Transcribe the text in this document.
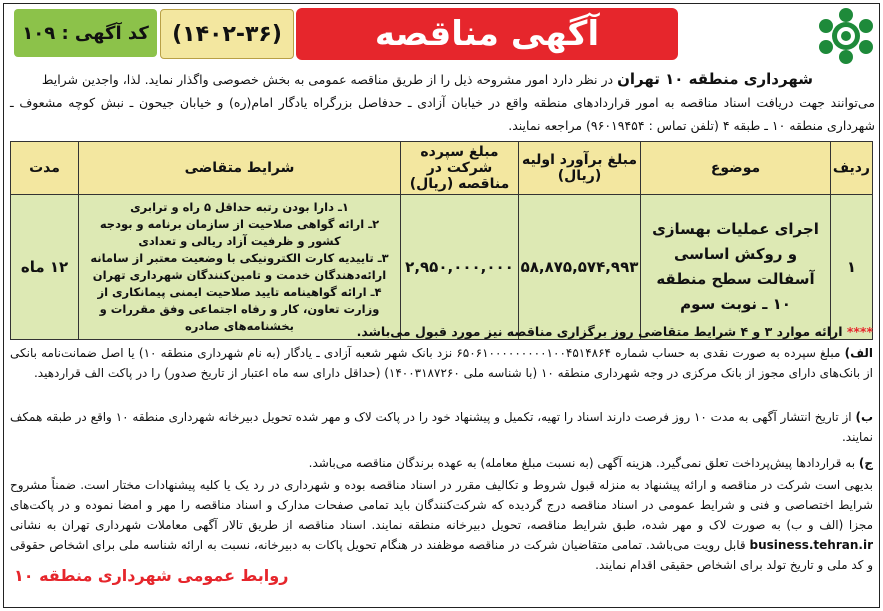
آگهی مناقصه
(۱۴۰۲-۳۶)
کد آگهی : ۱۰۹
شهرداری منطقه ۱۰ تهران در نظر دارد امور مشروحه ذیل را از طریق مناقصه عمومی به بخش خصوصی واگذار نماید. لذا، واجدین شرایط
می‌توانند جهت دریافت اسناد مناقصه به امور قراردادهای منطقه واقع در خیابان آزادی ـ حدفاصل بزرگراه یادگار امام(ره) و خیابان جیحون ـ نبش کوچه مشعوف ـ شهرداری منطقه ۱۰ ـ طبقه ۴ (تلفن تماس : ۹۶۰۱۹۴۵۴) مراجعه نمایند.
ردیف	موضوع	مبلغ برآورد اولیه (ریال)	مبلغ سپرده شرکت در مناقصه (ریال)	شرایط متقاضی	مدت
۱	اجرای عملیات بهسازی و روکش اساسی آسفالت سطح منطقه ۱۰ ـ نوبت سوم	۵۸,۸۷۵,۵۷۴,۹۹۳	۲,۹۵۰,۰۰۰,۰۰۰	۱ـ دارا بودن رتبه حداقل ۵ راه و ترابری
۲ـ ارائه گواهی صلاحیت از سازمان برنامه و بودجه کشور و ظرفیت آزاد ریالی و تعدادی
۳ـ تاییدیه کارت الکترونیکی با وضعیت معتبر از سامانه ارائه‌دهندگان خدمت و تامین‌کنندگان شهرداری تهران
۴ـ ارائه گواهینامه تایید صلاحیت ایمنی پیمانکاری از وزارت تعاون، کار و رفاه اجتماعی وفق مقررات و بخشنامه‌های صادره	۱۲ ماه
**** ارائه موارد ۳ و ۴ شرایط متقاضی روز برگزاری مناقصه نیز مورد قبول می‌باشد.
الف) مبلغ سپرده به صورت نقدی به حساب شماره ۶۵۰۶۱۰۰۰۰۰۰۰۰۰۱۰۰۴۵۱۴۸۶۴ نزد بانک شهر شعبه آزادی ـ یادگار (به نام شهرداری منطقه ۱۰) یا اصل ضمانت‌نامه بانکی از بانک‌های دارای مجوز از بانک مرکزی در وجه شهرداری منطقه ۱۰ (با شناسه ملی ۱۴۰۰۳۱۸۷۲۶۰) (حداقل دارای سه ماه اعتبار از تاریخ صدور) را در پاکت الف قراردهید.
ب) از تاریخ انتشار آگهی به مدت ۱۰ روز فرصت دارند اسناد را تهیه، تکمیل و پیشنهاد خود را در پاکت لاک و مهر شده تحویل دبیرخانه شهرداری منطقه ۱۰ واقع در طبقه همکف نمایند.
ج) به قراردادها پیش‌پرداخت تعلق نمی‌گیرد. هزینه آگهی (به نسبت مبلغ معامله) به عهده برندگان مناقصه می‌باشد.
بدیهی است شرکت در مناقصه و ارائه پیشنهاد به منزله قبول شروط و تکالیف مقرر در اسناد مناقصه بوده و شهرداری در رد یک یا کلیه پیشنهادات مختار است. ضمناً مشروح شرایط اختصاصی و فنی و شرایط عمومی در اسناد مناقصه درج گردیده که شرکت‌کنندگان باید تمامی صفحات مدارک و اسناد مناقصه را مهر و امضا نموده و در پاکت‌های مجزا (الف و ب) به صورت لاک و مهر شده، طبق شرایط مناقصه، تحویل دبیرخانه منطقه نمایند. اسناد مناقصه از طریق تالار آگهی معاملات شهرداری تهران به نشانی business.tehran.ir قابل رویت می‌باشد. تمامی متقاضیان شرکت در مناقصه موظفند در هنگام تحویل پاکات به دبیرخانه، نسبت به ارائه شناسه ملی برای اشخاص حقوقی و کد ملی و تاریخ تولد برای اشخاص حقیقی اقدام نمایند.
روابط عمومی شهرداری منطقه ۱۰
